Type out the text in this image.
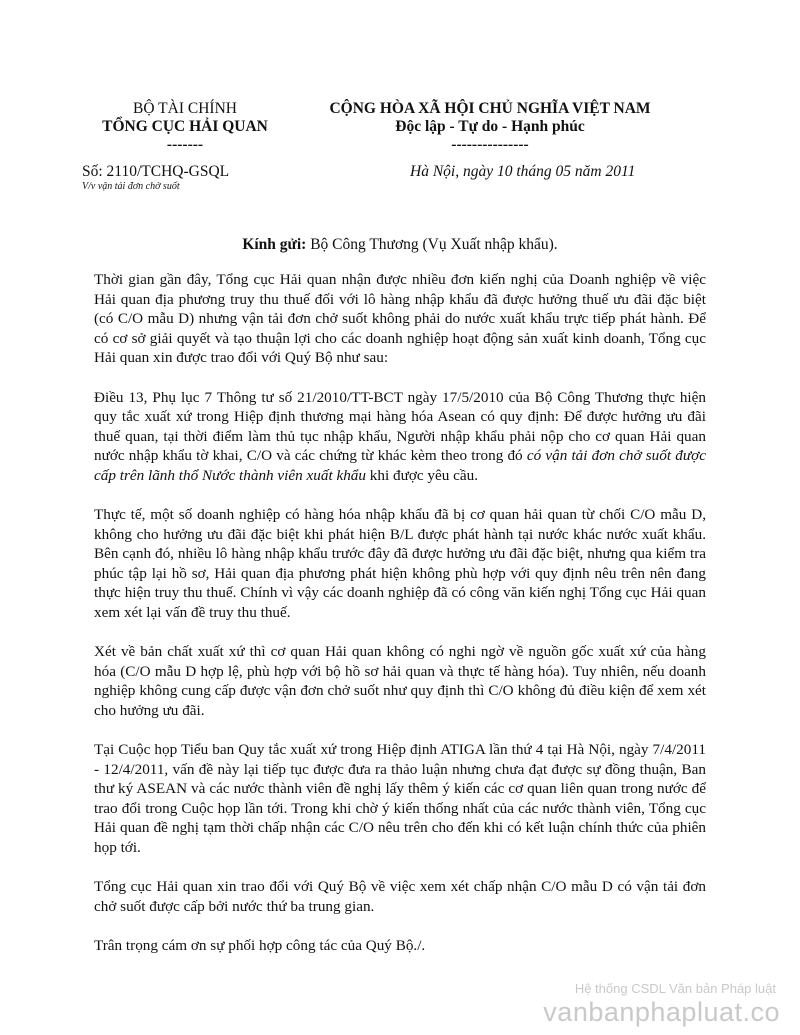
BỘ TÀI CHÍNH
TỔNG CỤC HẢI QUAN
-------
CỘNG HÒA XÃ HỘI CHỦ NGHĨA VIỆT NAM
Độc lập - Tự do - Hạnh phúc
---------------
Số: 2110/TCHQ-GSQL
V/v vận tải đơn chở suốt
Hà Nội, ngày 10 tháng 05 năm 2011
Kính gửi: Bộ Công Thương (Vụ Xuất nhập khẩu).

Thời gian gần đây, Tổng cục Hải quan nhận được nhiều đơn kiến nghị của Doanh nghiệp về việc Hải quan địa phương truy thu thuế đối với lô hàng nhập khẩu đã được hưởng thuế ưu đãi đặc biệt (có C/O mẫu D) nhưng vận tải đơn chở suốt không phải do nước xuất khẩu trực tiếp phát hành. Để có cơ sở giải quyết và tạo thuận lợi cho các doanh nghiệp hoạt động sản xuất kinh doanh, Tổng cục Hải quan xin được trao đổi với Quý Bộ như sau:

Điều 13, Phụ lục 7 Thông tư số 21/2010/TT-BCT ngày 17/5/2010 của Bộ Công Thương thực hiện quy tắc xuất xứ trong Hiệp định thương mại hàng hóa Asean có quy định: Để được hưởng ưu đãi thuế quan, tại thời điểm làm thủ tục nhập khẩu, Người nhập khẩu phải nộp cho cơ quan Hải quan nước nhập khẩu tờ khai, C/O và các chứng từ khác kèm theo trong đó có vận tải đơn chở suốt được cấp trên lãnh thổ Nước thành viên xuất khẩu khi được yêu cầu.

Thực tế, một số doanh nghiệp có hàng hóa nhập khẩu đã bị cơ quan hải quan từ chối C/O mẫu D, không cho hưởng ưu đãi đặc biệt khi phát hiện B/L được phát hành tại nước khác nước xuất khẩu. Bên cạnh đó, nhiều lô hàng nhập khẩu trước đây đã được hưởng ưu đãi đặc biệt, nhưng qua kiểm tra phúc tập lại hồ sơ, Hải quan địa phương phát hiện không phù hợp với quy định nêu trên nên đang thực hiện truy thu thuế. Chính vì vậy các doanh nghiệp đã có công văn kiến nghị Tổng cục Hải quan xem xét lại vấn đề truy thu thuế.

Xét về bản chất xuất xứ thì cơ quan Hải quan không có nghi ngờ về nguồn gốc xuất xứ của hàng hóa (C/O mẫu D hợp lệ, phù hợp với bộ hồ sơ hải quan và thực tế hàng hóa). Tuy nhiên, nếu doanh nghiệp không cung cấp được vận đơn chở suốt như quy định thì C/O không đủ điều kiện để xem xét cho hưởng ưu đãi.

Tại Cuộc họp Tiểu ban Quy tắc xuất xứ trong Hiệp định ATIGA lần thứ 4 tại Hà Nội, ngày 7/4/2011 - 12/4/2011, vấn đề này lại tiếp tục được đưa ra thảo luận nhưng chưa đạt được sự đồng thuận, Ban thư ký ASEAN và các nước thành viên đề nghị lấy thêm ý kiến các cơ quan liên quan trong nước để trao đổi trong Cuộc họp lần tới. Trong khi chờ ý kiến thống nhất của các nước thành viên, Tổng cục Hải quan đề nghị tạm thời chấp nhận các C/O nêu trên cho đến khi có kết luận chính thức của phiên họp tới.

Tổng cục Hải quan xin trao đổi với Quý Bộ về việc xem xét chấp nhận C/O mẫu D có vận tải đơn chở suốt được cấp bởi nước thứ ba trung gian.

Trân trọng cám ơn sự phối hợp công tác của Quý Bộ./.

Hệ thống CSDL Văn bản Pháp luật
vanbanphapluat.co
